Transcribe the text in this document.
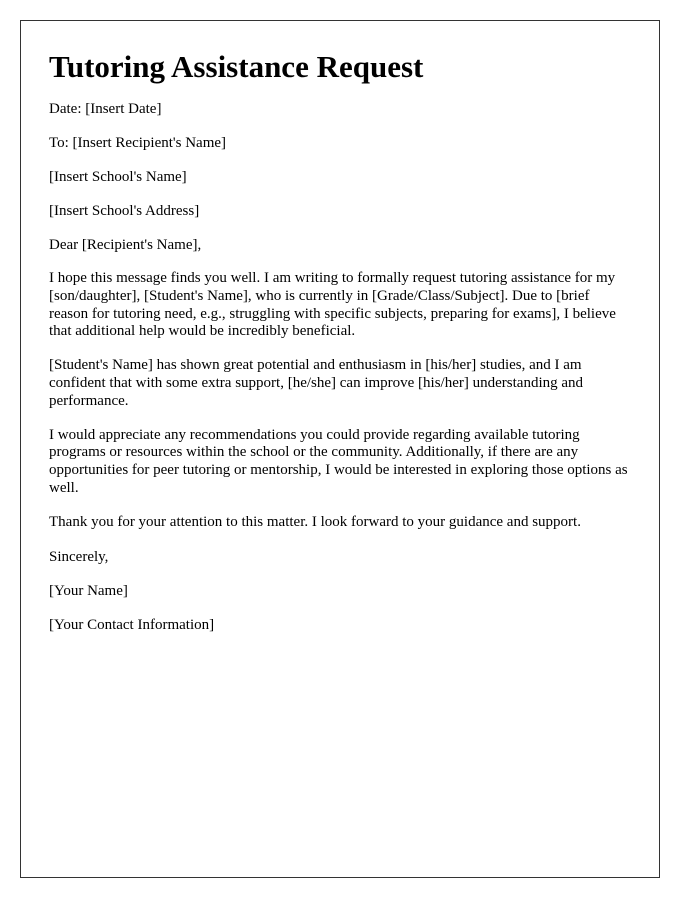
Tutoring Assistance Request
Date: [Insert Date]
To: [Insert Recipient's Name]
[Insert School's Name]
[Insert School's Address]
Dear [Recipient's Name],
I hope this message finds you well. I am writing to formally request tutoring assistance for my [son/daughter], [Student's Name], who is currently in [Grade/Class/Subject]. Due to [brief reason for tutoring need, e.g., struggling with specific subjects, preparing for exams], I believe that additional help would be incredibly beneficial.
[Student's Name] has shown great potential and enthusiasm in [his/her] studies, and I am confident that with some extra support, [he/she] can improve [his/her] understanding and performance.
I would appreciate any recommendations you could provide regarding available tutoring programs or resources within the school or the community. Additionally, if there are any opportunities for peer tutoring or mentorship, I would be interested in exploring those options as well.
Thank you for your attention to this matter. I look forward to your guidance and support.
Sincerely,
[Your Name]
[Your Contact Information]
